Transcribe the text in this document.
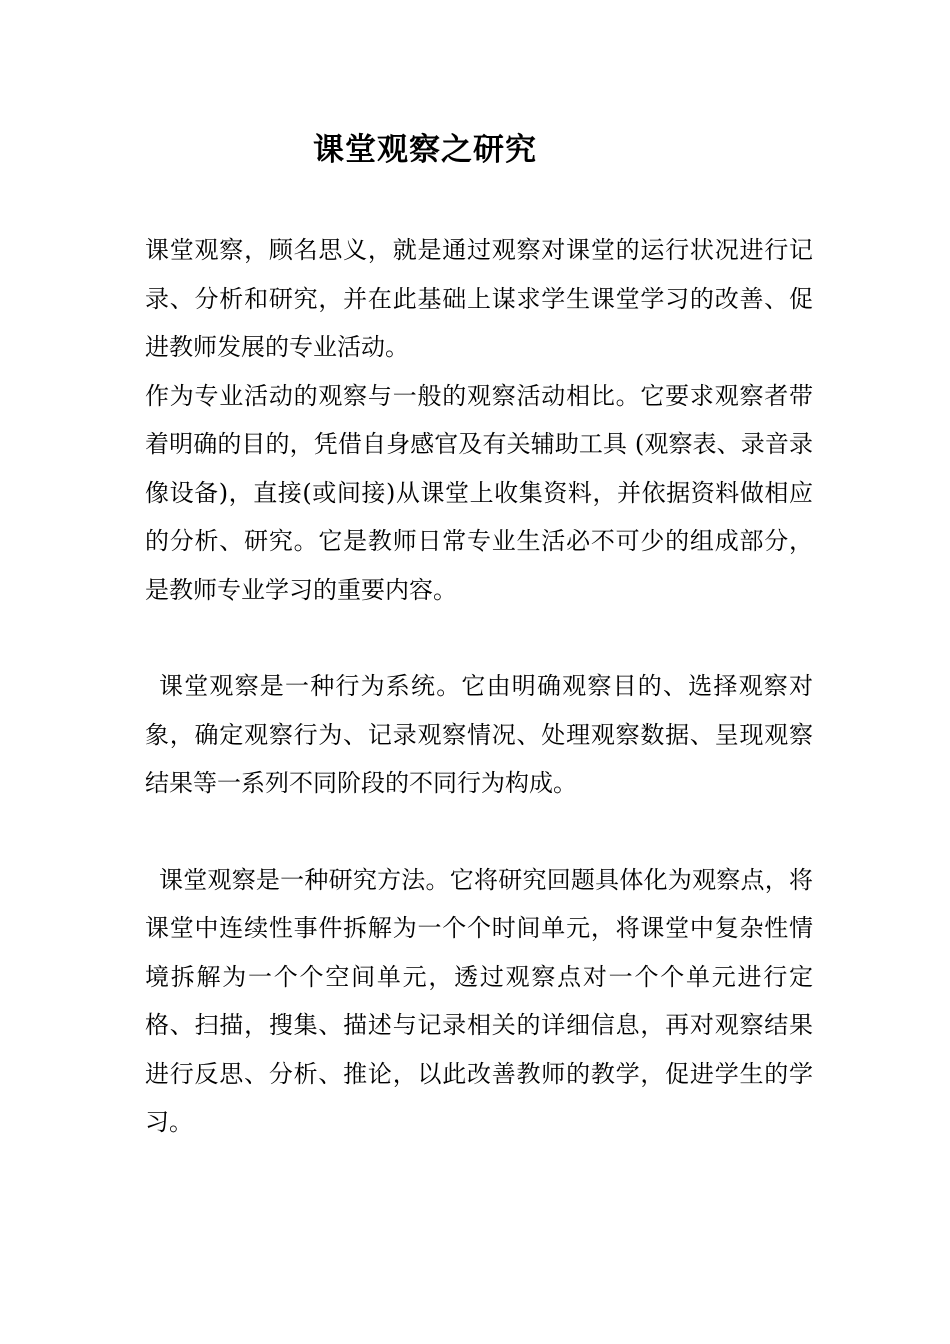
课堂观察之研究

课堂观察，顾名思义，就是通过观察对课堂的运行状况进行记录、分析和研究，并在此基础上谋求学生课堂学习的改善、促进教师发展的专业活动。

作为专业活动的观察与一般的观察活动相比。它要求观察者带着明确的目的，凭借自身感官及有关辅助工具 (观察表、录音录像设备)，直接(或间接)从课堂上收集资料，并依据资料做相应的分析、研究。它是教师日常专业生活必不可少的组成部分，是教师专业学习的重要内容。

课堂观察是一种行为系统。它由明确观察目的、选择观察对象，确定观察行为、记录观察情况、处理观察数据、呈现观察结果等一系列不同阶段的不同行为构成。

课堂观察是一种研究方法。它将研究回题具体化为观察点，将课堂中连续性事件拆解为一个个时间单元，将课堂中复杂性情境拆解为一个个空间单元，透过观察点对一个个单元进行定格、扫描，搜集、描述与记录相关的详细信息，再对观察结果进行反思、分析、推论，以此改善教师的教学，促进学生的学习。
